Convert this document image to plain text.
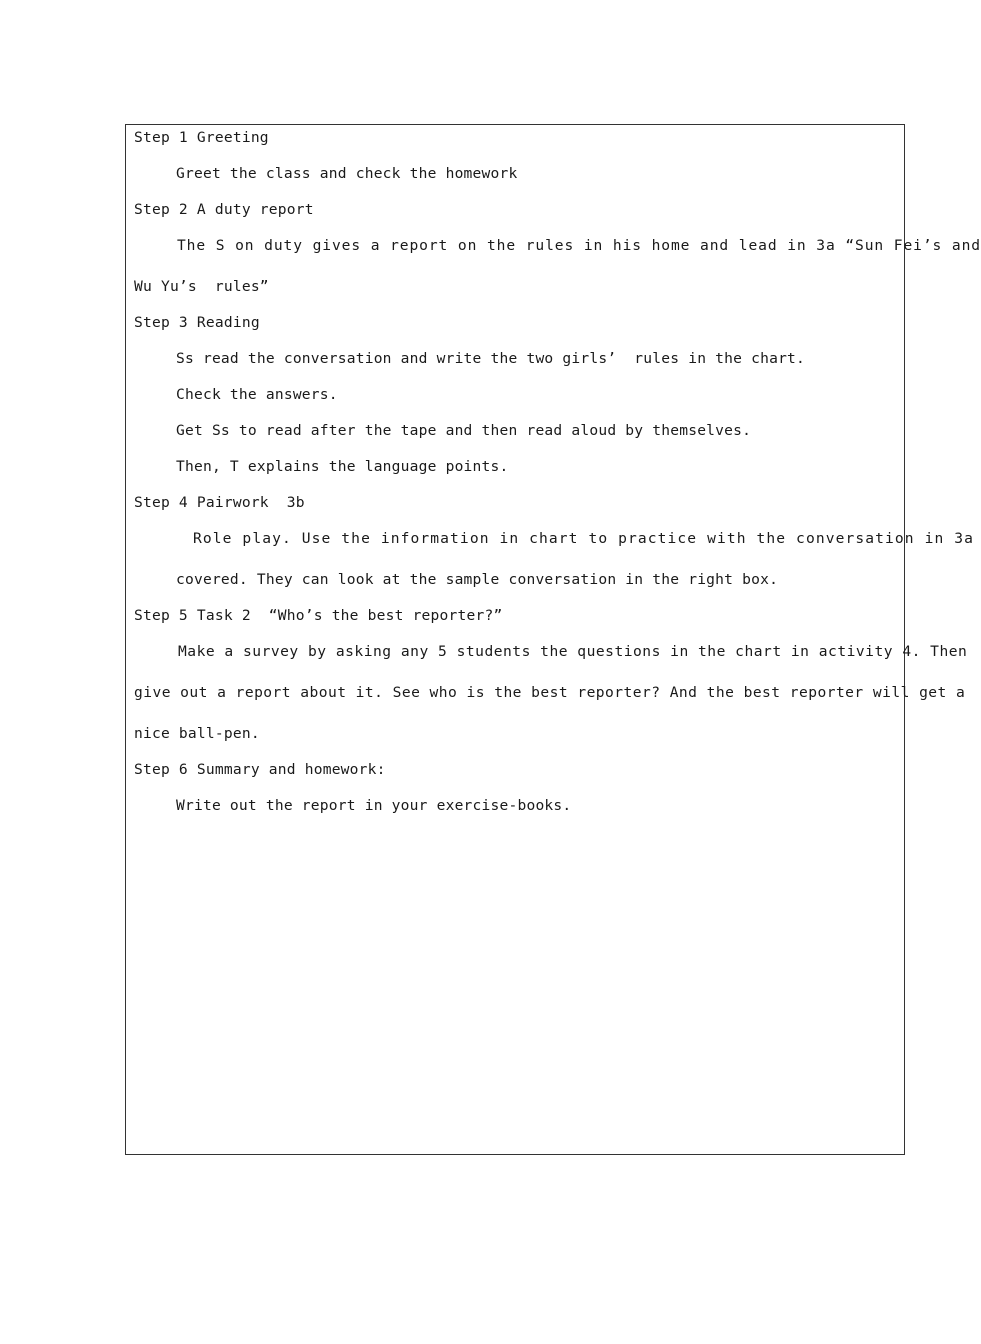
Step 1 Greeting
Greet the class and check the homework
Step 2 A duty report
The S on duty gives a report on the rules in his home and lead in 3a “Sun Fei’s and
Wu Yu’s  rules”
Step 3 Reading
Ss read the conversation and write the two girls’  rules in the chart.
Check the answers.
Get Ss to read after the tape and then read aloud by themselves.
Then, T explains the language points.
Step 4 Pairwork  3b
Role play. Use the information in chart to practice with the conversation in 3a
covered. They can look at the sample conversation in the right box.
Step 5 Task 2  “Who’s the best reporter?”
Make a survey by asking any 5 students the questions in the chart in activity 4. Then
give out a report about it. See who is the best reporter? And the best reporter will get a
nice ball-pen.
Step 6 Summary and homework:
Write out the report in your exercise-books.
